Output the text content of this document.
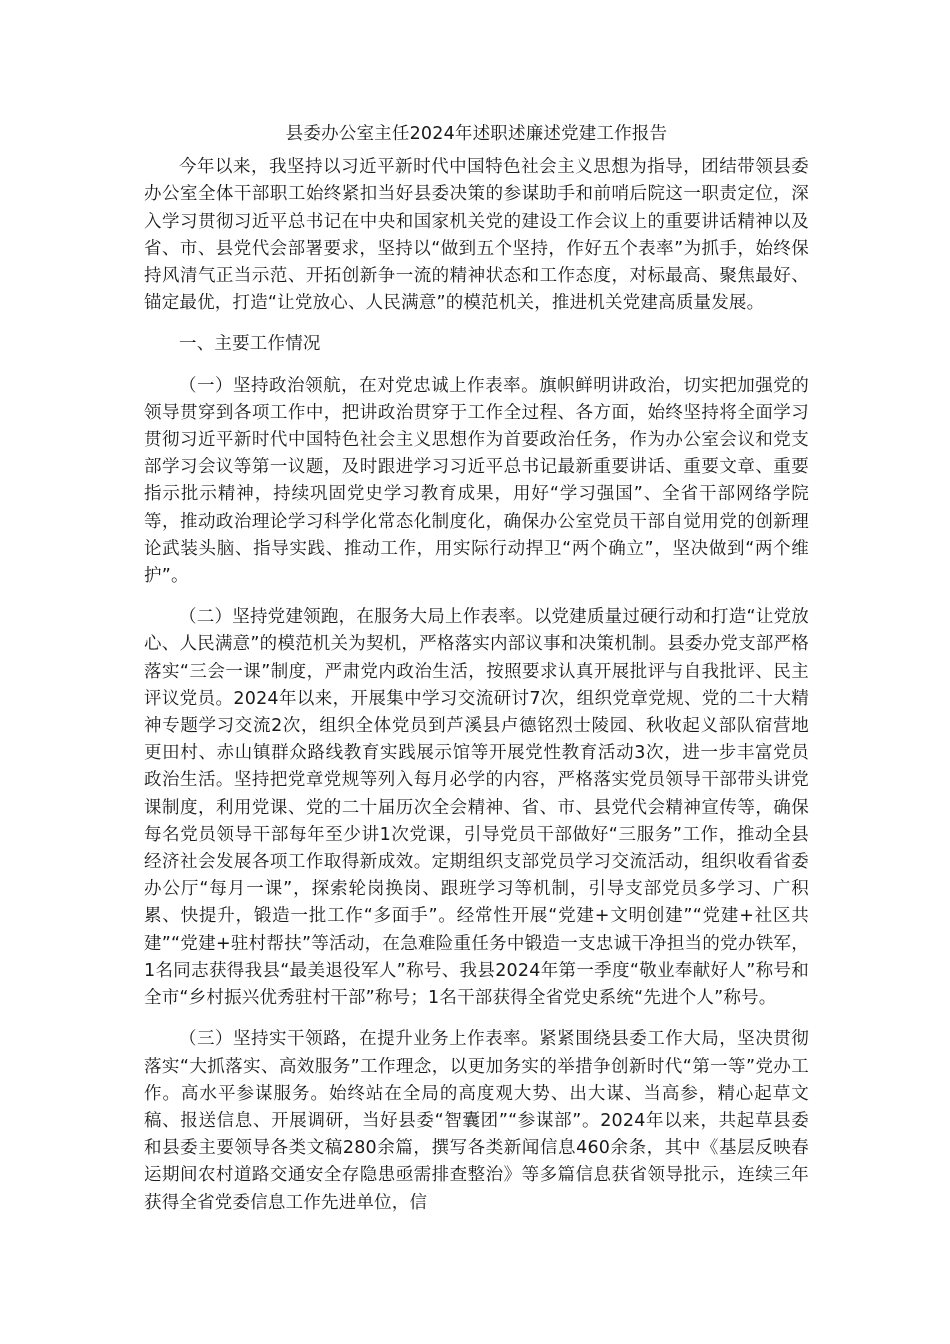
县委办公室主任2024年述职述廉述党建工作报告

今年以来，我坚持以习近平新时代中国特色社会主义思想为指导，团结带领县委办公室全体干部职工始终紧扣当好县委决策的参谋助手和前哨后院这一职责定位，深入学习贯彻习近平总书记在中央和国家机关党的建设工作会议上的重要讲话精神以及省、市、县党代会部署要求，坚持以“做到五个坚持，作好五个表率”为抓手，始终保持风清气正当示范、开拓创新争一流的精神状态和工作态度，对标最高、聚焦最好、锚定最优，打造“让党放心、人民满意”的模范机关，推进机关党建高质量发展。

一、主要工作情况

（一）坚持政治领航，在对党忠诚上作表率。旗帜鲜明讲政治，切实把加强党的领导贯穿到各项工作中，把讲政治贯穿于工作全过程、各方面，始终坚持将全面学习贯彻习近平新时代中国特色社会主义思想作为首要政治任务，作为办公室会议和党支部学习会议等第一议题，及时跟进学习习近平总书记最新重要讲话、重要文章、重要指示批示精神，持续巩固党史学习教育成果，用好“学习强国”、全省干部网络学院等，推动政治理论学习科学化常态化制度化，确保办公室党员干部自觉用党的创新理论武装头脑、指导实践、推动工作，用实际行动捍卫“两个确立”，坚决做到“两个维护”。

（二）坚持党建领跑，在服务大局上作表率。以党建质量过硬行动和打造“让党放心、人民满意”的模范机关为契机，严格落实内部议事和决策机制。县委办党支部严格落实“三会一课”制度，严肃党内政治生活，按照要求认真开展批评与自我批评、民主评议党员。2024年以来，开展集中学习交流研讨7次，组织党章党规、党的二十大精神专题学习交流2次，组织全体党员到芦溪县卢德铭烈士陵园、秋收起义部队宿营地更田村、赤山镇群众路线教育实践展示馆等开展党性教育活动3次，进一步丰富党员政治生活。坚持把党章党规等列入每月必学的内容，严格落实党员领导干部带头讲党课制度，利用党课、党的二十届历次全会精神、省、市、县党代会精神宣传等，确保每名党员领导干部每年至少讲1次党课，引导党员干部做好“三服务”工作，推动全县经济社会发展各项工作取得新成效。定期组织支部党员学习交流活动，组织收看省委办公厅“每月一课”，探索轮岗换岗、跟班学习等机制，引导支部党员多学习、广积累、快提升，锻造一批工作“多面手”。经常性开展“党建+文明创建”“党建+社区共建”“党建+驻村帮扶”等活动，在急难险重任务中锻造一支忠诚干净担当的党办铁军，1名同志获得我县“最美退役军人”称号、我县2024年第一季度“敬业奉献好人”称号和全市“乡村振兴优秀驻村干部”称号；1名干部获得全省党史系统“先进个人”称号。

（三）坚持实干领路，在提升业务上作表率。紧紧围绕县委工作大局，坚决贯彻落实“大抓落实、高效服务”工作理念，以更加务实的举措争创新时代“第一等”党办工作。高水平参谋服务。始终站在全局的高度观大势、出大谋、当高参，精心起草文稿、报送信息、开展调研，当好县委“智囊团”“参谋部”。2024年以来，共起草县委和县委主要领导各类文稿280余篇，撰写各类新闻信息460余条，其中《基层反映春运期间农村道路交通安全存隐患亟需排查整治》等多篇信息获省领导批示，连续三年获得全省党委信息工作先进单位，信
